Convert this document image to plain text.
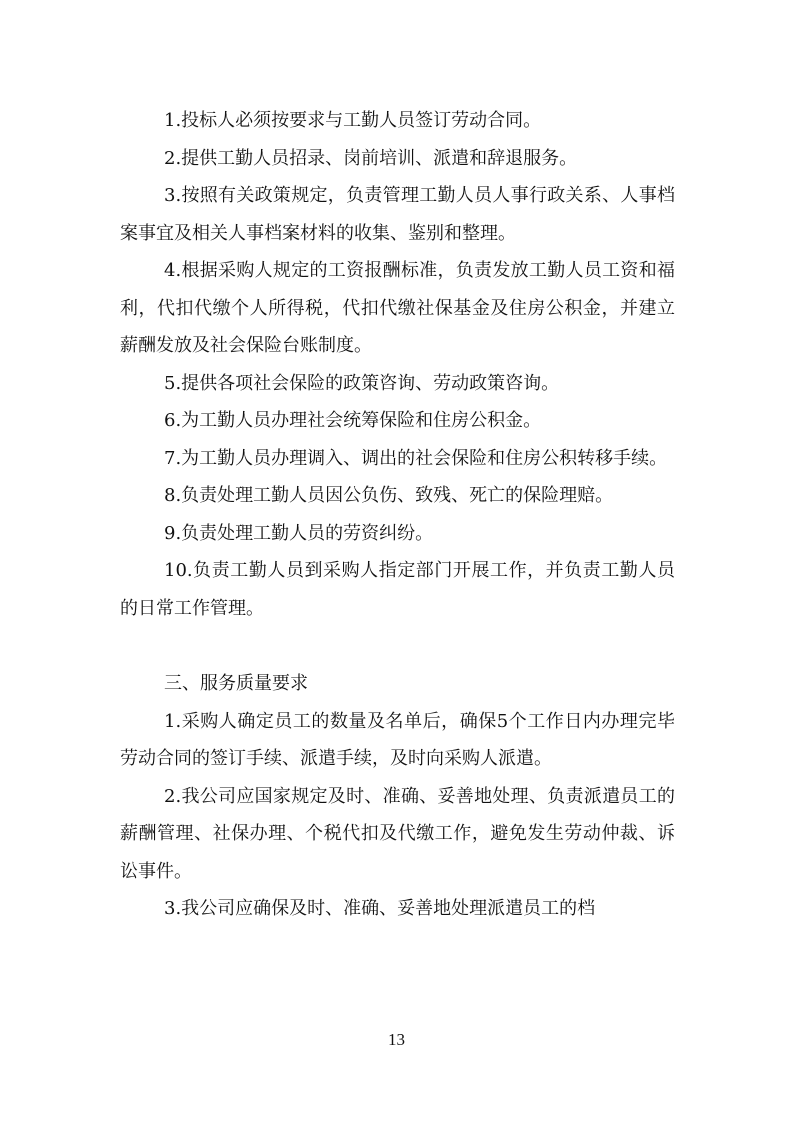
1.投标人必须按要求与工勤人员签订劳动合同。

2.提供工勤人员招录、岗前培训、派遣和辞退服务。

3.按照有关政策规定，负责管理工勤人员人事行政关系、人事档案事宜及相关人事档案材料的收集、鉴别和整理。

4.根据采购人规定的工资报酬标准，负责发放工勤人员工资和福利，代扣代缴个人所得税，代扣代缴社保基金及住房公积金，并建立薪酬发放及社会保险台账制度。

5.提供各项社会保险的政策咨询、劳动政策咨询。

6.为工勤人员办理社会统筹保险和住房公积金。

7.为工勤人员办理调入、调出的社会保险和住房公积转移手续。

8.负责处理工勤人员因公负伤、致残、死亡的保险理赔。

9.负责处理工勤人员的劳资纠纷。

10.负责工勤人员到采购人指定部门开展工作，并负责工勤人员的日常工作管理。

三、服务质量要求

1.采购人确定员工的数量及名单后，确保5个工作日内办理完毕劳动合同的签订手续、派遣手续，及时向采购人派遣。

2.我公司应国家规定及时、准确、妥善地处理、负责派遣员工的薪酬管理、社保办理、个税代扣及代缴工作，避免发生劳动仲裁、诉讼事件。

3.我公司应确保及时、准确、妥善地处理派遣员工的档

13
